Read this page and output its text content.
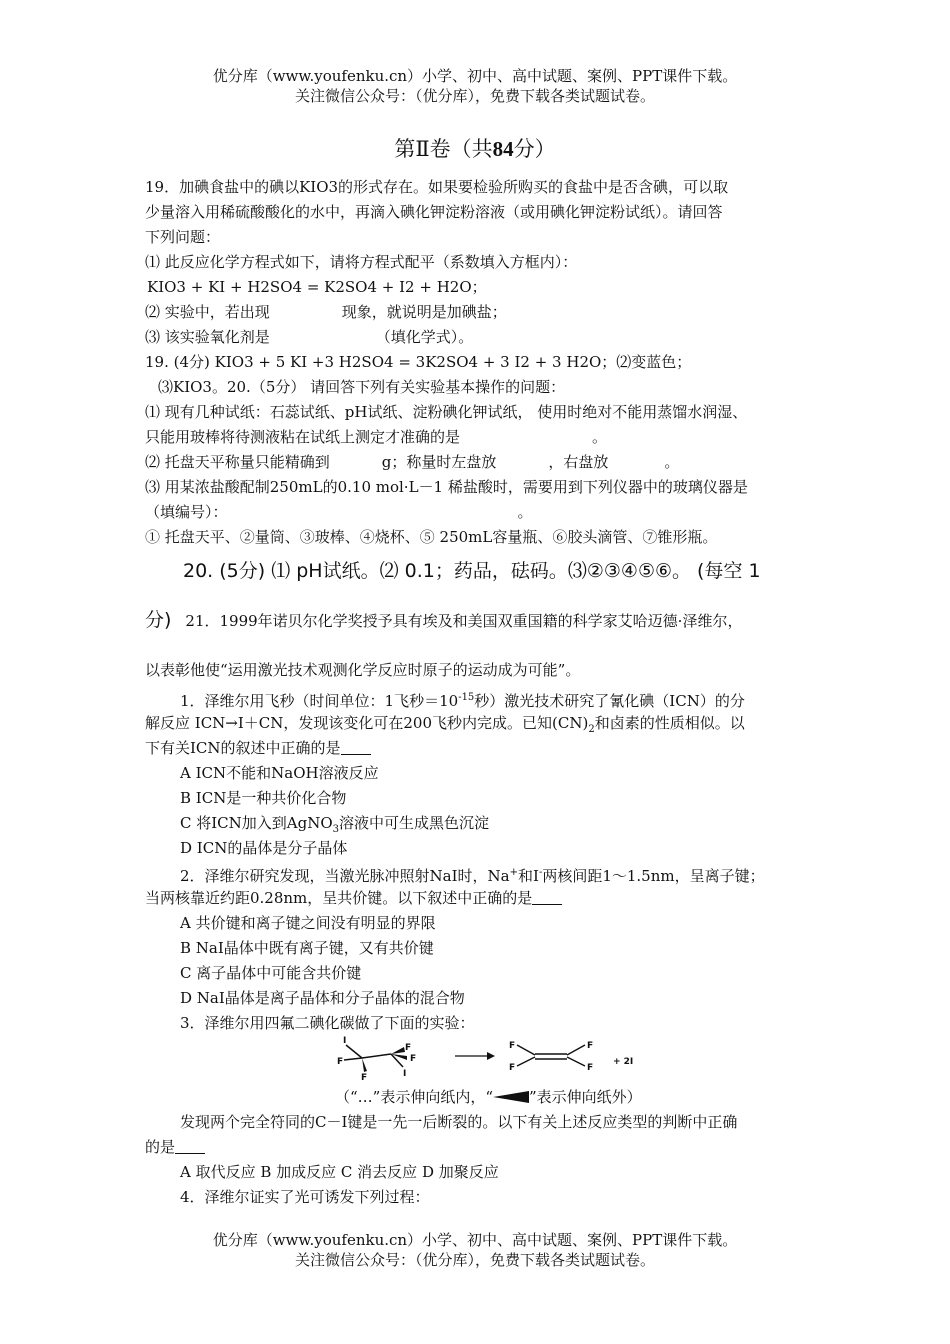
优分库（www.youfenku.cn）小学、初中、高中试题、案例、PPT课件下载。
关注微信公众号：（优分库），免费下载各类试题试卷。
第Ⅱ卷（共84分）
19．加碘食盐中的碘以KIO3的形式存在。如果要检验所购买的食盐中是否含碘，可以取
少量溶入用稀硫酸酸化的水中，再滴入碘化钾淀粉溶液（或用碘化钾淀粉试纸）。请回答
下列问题：
⑴ 此反应化学方程式如下，请将方程式配平（系数填入方框内）：
KIO3 + KI + H2SO4 = K2SO4 + I2 + H2O；
⑵ 实验中，若出现	现象，就说明是加碘盐；
⑶ 该实验氧化剂是	（填化学式）。
19. (4分) KIO3 + 5 KI +3 H2SO4 = 3K2SO4 + 3 I2 + 3 H2O；⑵变蓝色；
⑶KIO3。20.（5分） 请回答下列有关实验基本操作的问题：
⑴ 现有几种试纸：石蕊试纸、pH试纸、淀粉碘化钾试纸， 使用时绝对不能用蒸馏水润湿、
只能用玻棒将待测液粘在试纸上测定才准确的是	。
⑵ 托盘天平称量只能精确到	g；称量时左盘放	，右盘放	。
⑶ 用某浓盐酸配制250mL的0.10 mol·L－1 稀盐酸时，需要用到下列仪器中的玻璃仪器是
（填编号）：	。
① 托盘天平、②量筒、③玻棒、④烧杯、⑤ 250mL容量瓶、⑥胶头滴管、⑦锥形瓶。
20. (5分) ⑴ pH试纸。⑵ 0.1；药品，砝码。⑶②③④⑤⑥。 (每空 1
分) 21．1999年诺贝尔化学奖授予具有埃及和美国双重国籍的科学家艾哈迈德·泽维尔，
以表彰他使“运用激光技术观测化学反应时原子的运动成为可能”。
1．泽维尔用飞秒（时间单位：1飞秒$=10^{-15}$秒）激光技术研究了氰化碘（ICN）的分
解反应 ICN→I＋CN，发现该变化可在200飞秒内完成。已知$(CN)_2$和卤素的性质相似。以
下有关ICN的叙述中正确的是
A ICN不能和NaOH溶液反应
B ICN是一种共价化合物
C 将ICN加入到AgNO$_3$溶液中可生成黑色沉淀
D ICN的晶体是分子晶体
2．泽维尔研究发现，当激光脉冲照射NaI时，Na+和I-两核间距1～1.5nm，呈离子键；
当两核靠近约距0.28nm，呈共价键。以下叙述中正确的是
A 共价键和离子键之间没有明显的界限
B NaI晶体中既有离子键，又有共价键
C 离子晶体中可能含共价键
D NaI晶体是离子晶体和分子晶体的混合物
3．泽维尔用四氟二碘化碳做了下面的实验：
I
F
F
F
F
I
F
F
F
F
+ 2I
（“…”表示伸向纸内，“ ”表示伸向纸外）
发现两个完全符同的C－I键是一先一后断裂的。以下有关上述反应类型的判断中正确
的是
A 取代反应 B 加成反应 C 消去反应 D 加聚反应
4．泽维尔证实了光可诱发下列过程：
优分库（www.youfenku.cn）小学、初中、高中试题、案例、PPT课件下载。
关注微信公众号：（优分库），免费下载各类试题试卷。
